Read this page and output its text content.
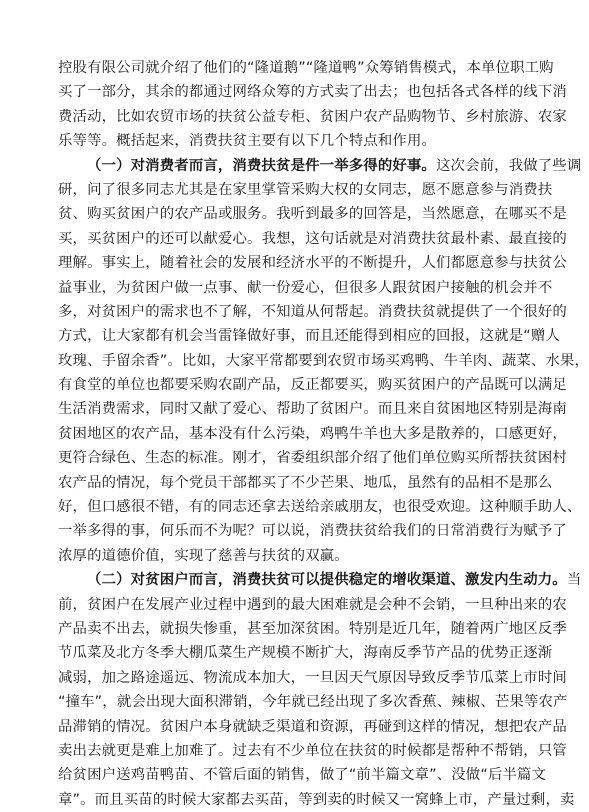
控股有限公司就介绍了他们的“隆道鹅”“隆道鸭”众筹销售模式，本单位职工购
买了一部分，其余的都通过网络众筹的方式卖了出去；也包括各式各样的线下消
费活动，比如农贸市场的扶贫公益专柜、贫困户农产品购物节、乡村旅游、农家
乐等等。概括起来，消费扶贫主要有以下几个特点和作用。
（一）对消费者而言，消费扶贫是件一举多得的好事。这次会前，我做了些调
研，问了很多同志尤其是在家里掌管采购大权的女同志，愿不愿意参与消费扶
贫、购买贫困户的农产品或服务。我听到最多的回答是，当然愿意，在哪买不是
买，买贫困户的还可以献爱心。我想，这句话就是对消费扶贫最朴素、最直接的
理解。事实上，随着社会的发展和经济水平的不断提升，人们都愿意参与扶贫公
益事业，为贫困户做一点事、献一份爱心，但很多人跟贫困户接触的机会并不
多，对贫困户的需求也不了解，不知道从何帮起。消费扶贫就提供了一个很好的
方式，让大家都有机会当雷锋做好事，而且还能得到相应的回报，这就是“赠人
玫瑰、手留余香”。比如，大家平常都要到农贸市场买鸡鸭、牛羊肉、蔬菜、水果，
有食堂的单位也都要采购农副产品，反正都要买，购买贫困户的产品既可以满足
生活消费需求，同时又献了爱心、帮助了贫困户。而且来自贫困地区特别是海南
贫困地区的农产品，基本没有什么污染，鸡鸭牛羊也大多是散养的，口感更好，
更符合绿色、生态的标准。刚才，省委组织部介绍了他们单位购买所帮扶贫困村
农产品的情况，每个党员干部都买了不少芒果、地瓜，虽然有的品相不是那么
好，但口感很不错，有的同志还拿去送给亲戚朋友，也很受欢迎。这种顺手助人、
一举多得的事，何乐而不为呢？可以说，消费扶贫给我们的日常消费行为赋予了
浓厚的道德价值，实现了慈善与扶贫的双赢。
（二）对贫困户而言，消费扶贫可以提供稳定的增收渠道、激发内生动力。当
前，贫困户在发展产业过程中遇到的最大困难就是会种不会销，一旦种出来的农
产品卖不出去，就损失惨重，甚至加深贫困。特别是近几年，随着两广地区反季
节瓜菜及北方冬季大棚瓜菜生产规模不断扩大，海南反季节产品的优势正逐渐
减弱，加之路途遥远、物流成本加大，一旦因天气原因导致反季节瓜菜上市时间
“撞车”，就会出现大面积滞销，今年就已经出现了多次香蕉、辣椒、芒果等农产
品滞销的情况。贫困户本身就缺乏渠道和资源，再碰到这样的情况，想把农产品
卖出去就更是难上加难了。过去有不少单位在扶贫的时候都是帮种不帮销，只管
给贫困户送鸡苗鸭苗、不管后面的销售，做了“前半篇文章”、没做“后半篇文
章”。而且买苗的时候大家都去买苗，等到卖的时候又一窝蜂上市，产量过剩，卖
